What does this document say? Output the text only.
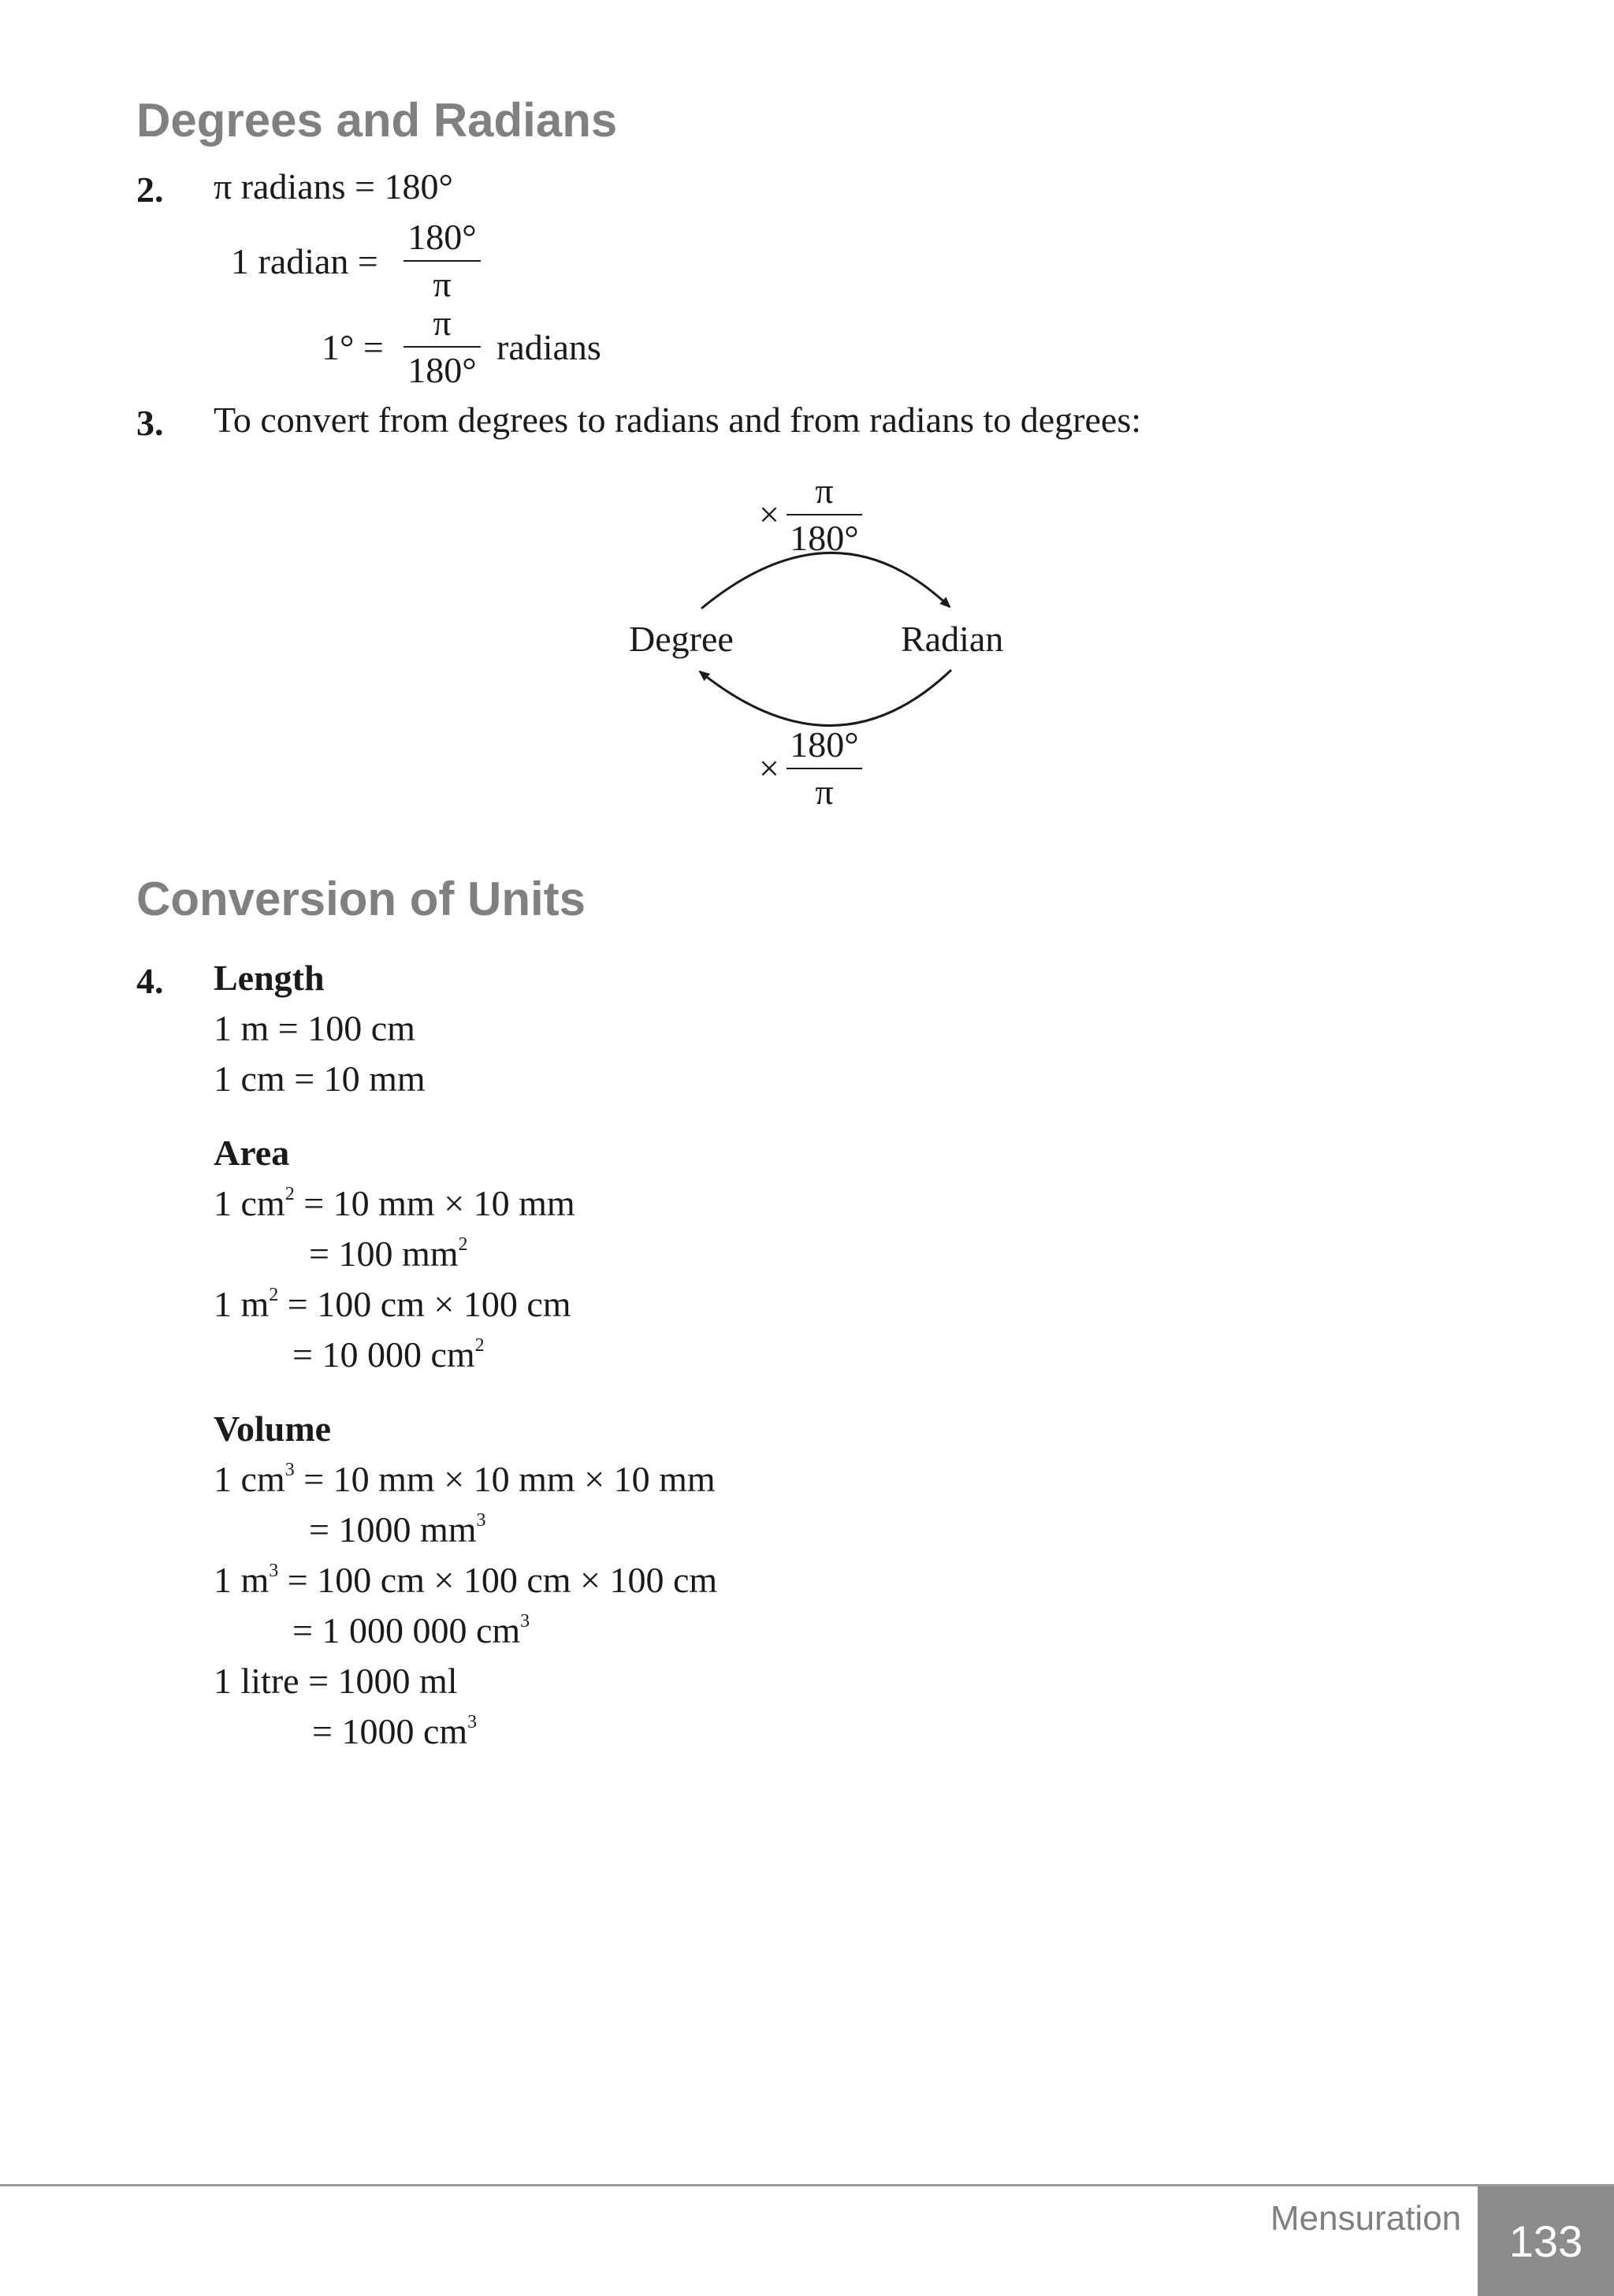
Degrees and Radians
2. π radians = 180°
1 radian =
180°
π
1° =
π
180°
radians
3. To convert from degrees to radians and from radians to degrees:
×
π
180°
Degree	Radian
×
180°
π
Conversion of Units
4. Length
1 m = 100 cm
1 cm = 10 mm
Area
1 $cm^2 = 10$ mm × 10 mm
= 100 $mm^2$
1 $m^2 = 100$ cm × 100 cm
= 10 000 $cm^2$
Volume
1 $cm^3 = 10$ mm × 10 mm × 10 mm
= 1000 $mm^3$
1 $m^3 = 100$ cm × 100 cm × 100 cm
= 1 000 000 $cm^3$
1 litre = 1000 ml
= 1000 $cm^3$
Mensuration 133
